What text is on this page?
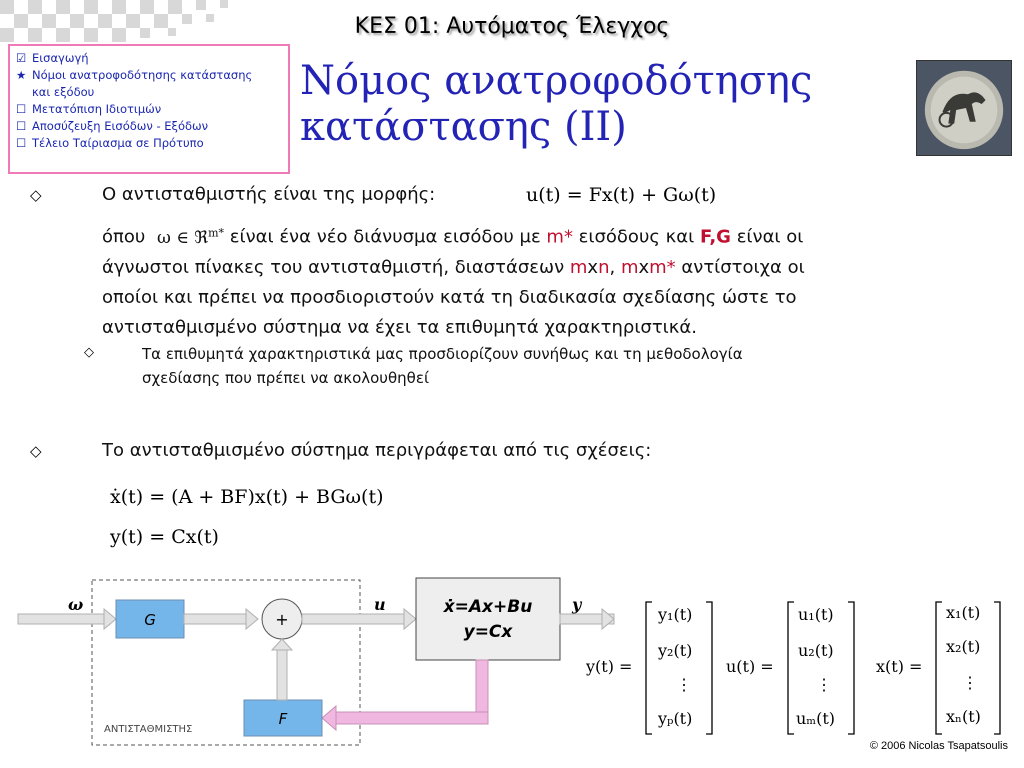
ΚΕΣ 01: Αυτόματος Έλεγχος
☑ Εισαγωγή
★ Νόμοι ανατροφοδότησης κατάστασης
και εξόδου
☐ Μετατόπιση Ιδιοτιμών
☐ Αποσύζευξη Εισόδων - Εξόδων
☐ Τέλειο Ταίριασμα σε Πρότυπο
Νόμος ανατροφοδότησης
κατάστασης (ΙΙ)
◇	Ο αντισταθμιστής είναι της μορφής:	u(t) = Fx(t) + Gω(t)
όπου ω ∈ ℜ$^{m*}$ είναι ένα νέο διάνυσμα εισόδου με m* εισόδους και F,G είναι οι
άγνωστοι πίνακες του αντισταθμιστή, διαστάσεων mxn, mxm* αντίστοιχα οι
οποίοι και πρέπει να προσδιοριστούν κατά τη διαδικασία σχεδίασης ώστε το
αντισταθμισμένο σύστημα να έχει τα επιθυμητά χαρακτηριστικά.
◇	Τα επιθυμητά χαρακτηριστικά μας προσδιορίζουν συνήθως και τη μεθοδολογία
σχεδίασης που πρέπει να ακολουθηθεί
◇	Το αντισταθμισμένο σύστημα περιγράφεται από τις σχέσεις:
ẋ(t) = (A + BF)x(t) + BGω(t)
y(t) = Cx(t)
ΑΝΤΙΣΤΑΘΜΙΣΤΗΣ
ω
G	+
u	ẋ=Ax+Bu
y=Cx
y
F
y(t) =
y₁(t)
y₂(t)
⋮
yₚ(t)
u(t) =
u₁(t)
u₂(t)
⋮
uₘ(t)
x(t) =
x₁(t)
x₂(t)
⋮
xₙ(t)
© 2006 Nicolas Tsapatsoulis
